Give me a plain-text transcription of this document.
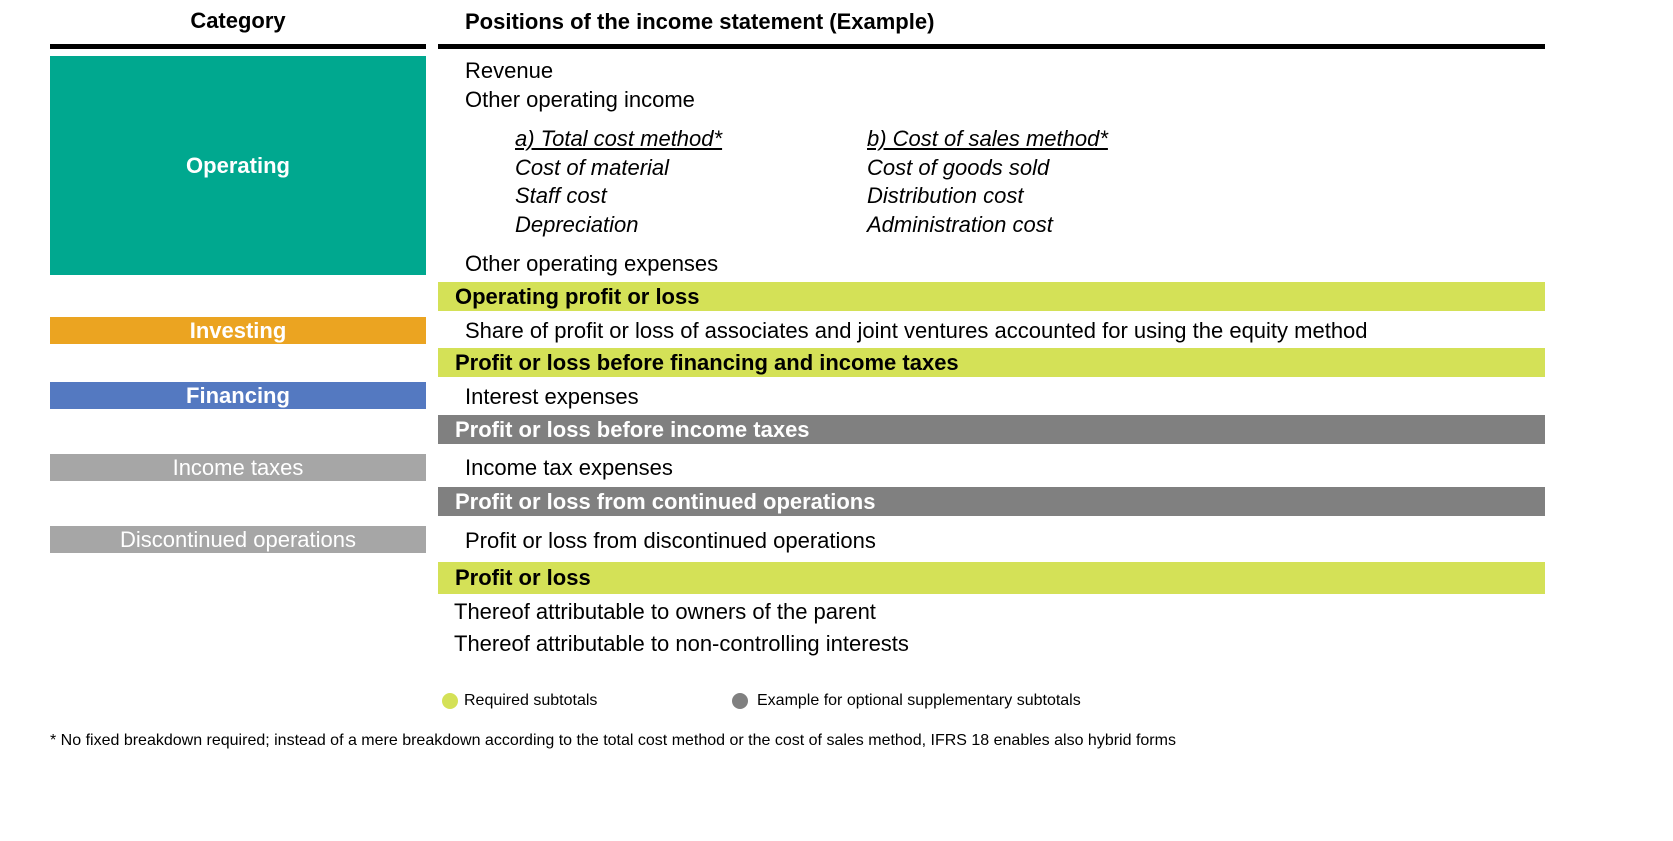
Category	Positions of the income statement (Example)
Operating
Investing
Financing
Income taxes
Discontinued operations
Revenue
Other operating income
a) Total cost method*
Cost of material
Staff cost
Depreciation
b) Cost of sales method*
Cost of goods sold
Distribution cost
Administration cost
Other operating expenses
Operating profit or loss
Share of profit or loss of associates and joint ventures accounted for using the equity method
Profit or loss before financing and income taxes
Interest expenses
Profit or loss before income taxes
Income tax expenses
Profit or loss from continued operations
Profit or loss from discontinued operations
Profit or loss
Thereof attributable to owners of the parent
Thereof attributable to non-controlling interests
Required subtotals	Example for optional supplementary subtotals
* No fixed breakdown required; instead of a mere breakdown according to the total cost method or the cost of sales method, IFRS 18 enables also hybrid forms
